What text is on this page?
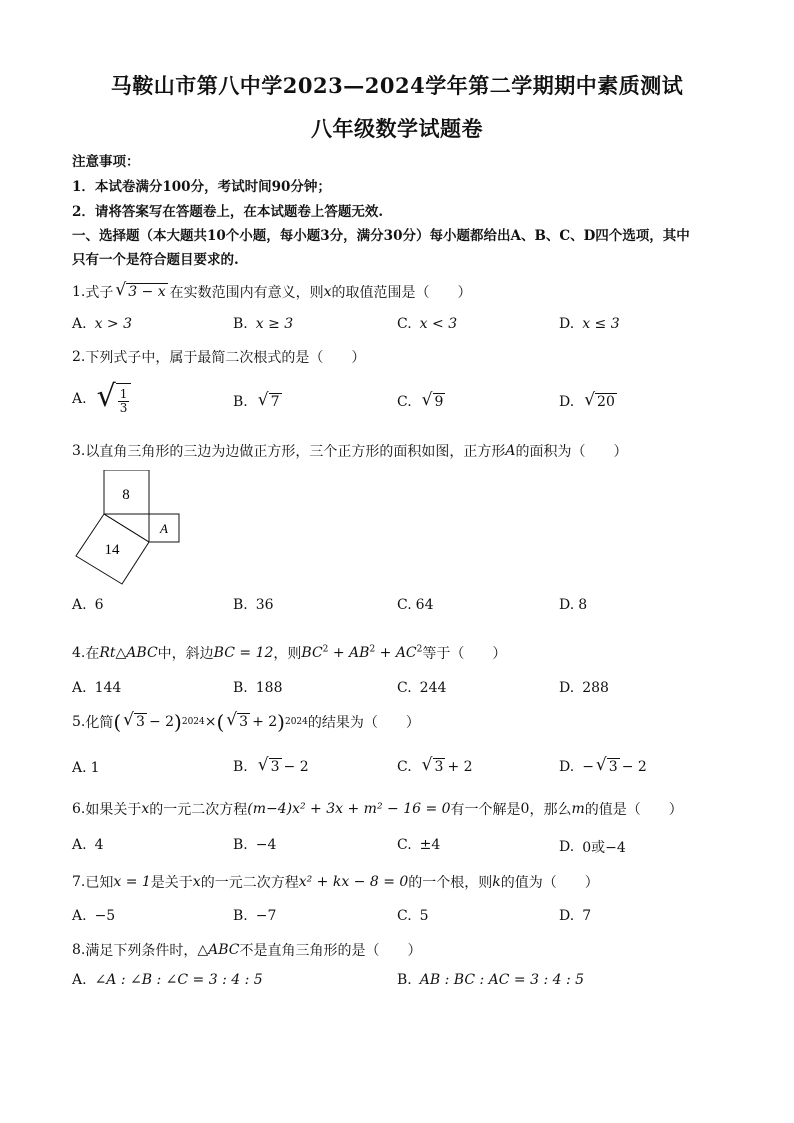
马鞍山市第八中学2023—2024学年第二学期期中素质测试
八年级数学试题卷
注意事项：
1．本试卷满分100分，考试时间90分钟；
2．请将答案写在答题卷上，在本试题卷上答题无效.
一、选择题（本大题共10个小题，每小题3分，满分30分）每小题都给出A、B、C、D四个选项，其中
只有一个是符合题目要求的.
1. 式子 √ 3 − x 在实数范围内有意义，则 x 的取值范围是（　　）
A. x > 3	B. x ≥ 3	C. x < 3	D. x ≤ 3
2. 下列式子中，属于最简二次根式的是（　　）
A. √ $\frac{1}{3}$	B. √ 7	C. √ 9	D. √ 20
3. 以直角三角形的三边为边做正方形，三个正方形的面积如图，正方形 A 的面积为（　　）
8
A
14
A. 6	B. 36	C. 64	D. 8
4. 在 Rt△ABC 中，斜边 BC = 12 ，则 $BC^2 + AB^2 + AC^2$ 等于（　　）
A. 144	B. 188	C. 244	D. 288
5. 化简 ( √ 3 − 2 ) 2024 × ( √ 3 + 2 ) 2024 的结果为（　　）
A. 1	B. √ 3 − 2	C. √ 3 + 2	D. − √ 3 − 2
6. 如果关于 x 的一元二次方程 (m−4)x² + 3x + m² − 16 = 0 有一个解是 0 ，那么 m 的值是（　　）
A. 4	B. −4	C. ±4	D. 0或−4
7. 已知 x = 1 是关于 x 的一元二次方程 x² + kx − 8 = 0 的一个根，则 k 的值为（　　）
A. −5	B. −7	C. 5	D. 7
8. 满足下列条件时， △ABC 不是直角三角形的是（　　）
A. ∠A : ∠B : ∠C = 3 : 4 : 5	B. AB : BC : AC = 3 : 4 : 5
